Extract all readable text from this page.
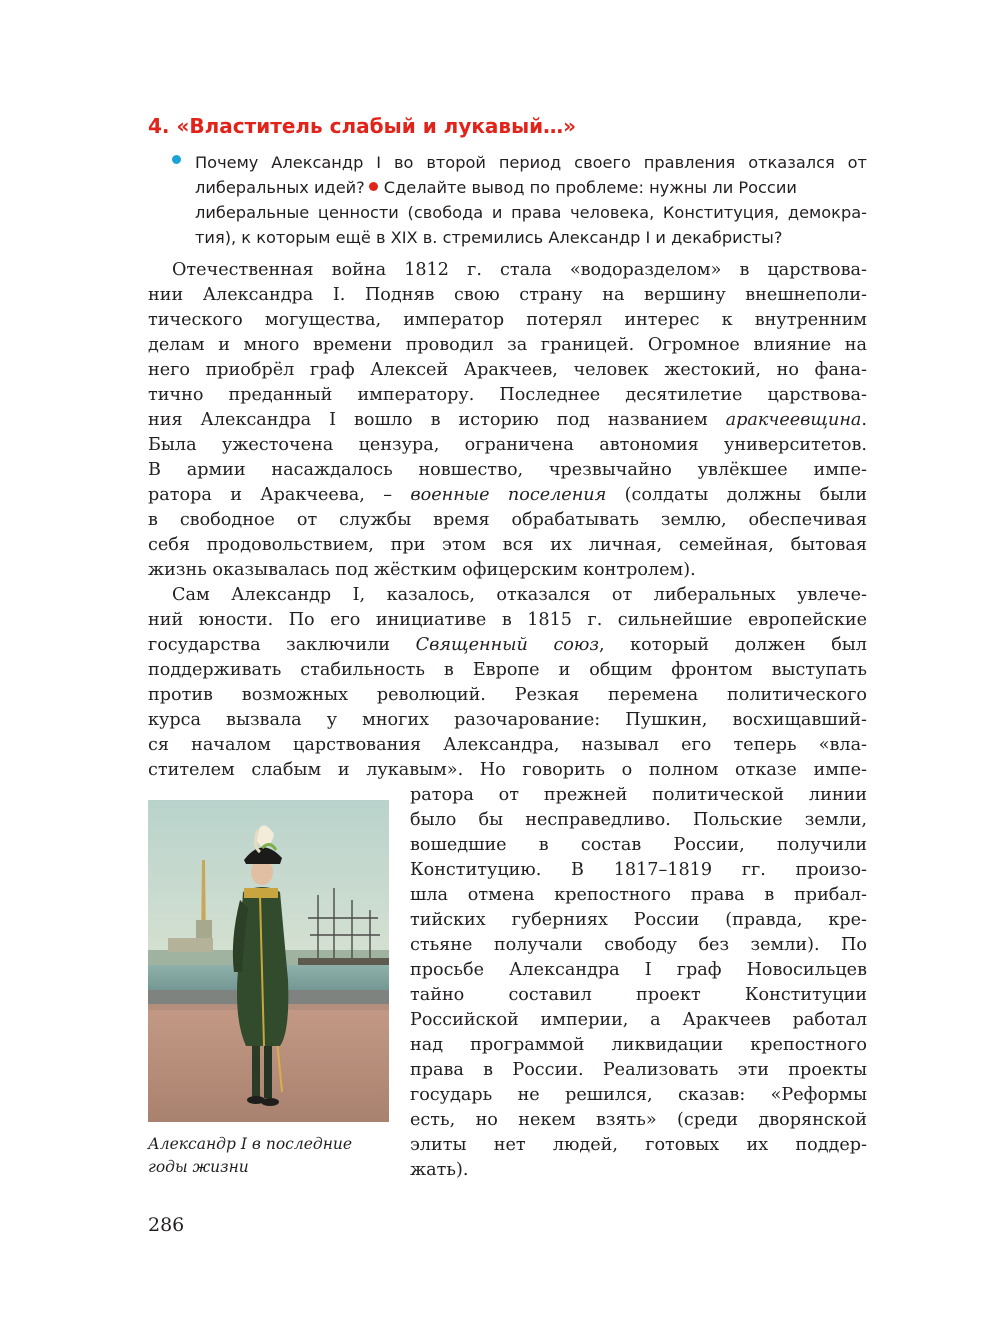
4. «Властитель слабый и лукавый…»
Почему Александр I во второй период своего правления отказался от
либеральных идей? Сделайте вывод по проблеме: нужны ли России
либеральные ценности (свобода и права человека, Конституция, демокра-
тия), к которым ещё в XIX в. стремились Александр I и декабристы?
Отечественная война 1812 г. стала «водоразделом» в царствова-
нии Александра I. Подняв свою страну на вершину внешнеполи-
тического могущества, император потерял интерес к внутренним
делам и много времени проводил за границей. Огромное влияние на
него приобрёл граф Алексей Аракчеев, человек жестокий, но фана-
тично преданный императору. Последнее десятилетие царствова-
ния Александра I вошло в историю под названием аракчеевщина.
Была ужесточена цензура, ограничена автономия университетов.
В армии насаждалось новшество, чрезвычайно увлёкшее импе-
ратора и Аракчеева, – военные поселения (солдаты должны были
в свободное от службы время обрабатывать землю, обеспечивая
себя продовольствием, при этом вся их личная, семейная, бытовая
жизнь оказывалась под жёстким офицерским контролем).
Сам Александр I, казалось, отказался от либеральных увлече-
ний юности. По его инициативе в 1815 г. сильнейшие европейские
государства заключили Священный союз, который должен был
поддерживать стабильность в Европе и общим фронтом выступать
против возможных революций. Резкая перемена политического
курса вызвала у многих разочарование: Пушкин, восхищавший-
ся началом царствования Александра, называл его теперь «вла-
стителем слабым и лукавым». Но говорить о полном отказе импе-
ратора от прежней политической линии
было бы несправедливо. Польские земли,
вошедшие в состав России, получили
Конституцию. В 1817–1819 гг. произо-
шла отмена крепостного права в прибал-
тийских губерниях России (правда, кре-
стьяне получали свободу без земли). По
просьбе Александра I граф Новосильцев
тайно составил проект Конституции
Российской империи, а Аракчеев работал
над программой ликвидации крепостного
права в России. Реализовать эти проекты
государь не решился, сказав: «Реформы
есть, но некем взять» (среди дворянской
элиты нет людей, готовых их поддер-
жать).
Александр I в последние
годы жизни
286
